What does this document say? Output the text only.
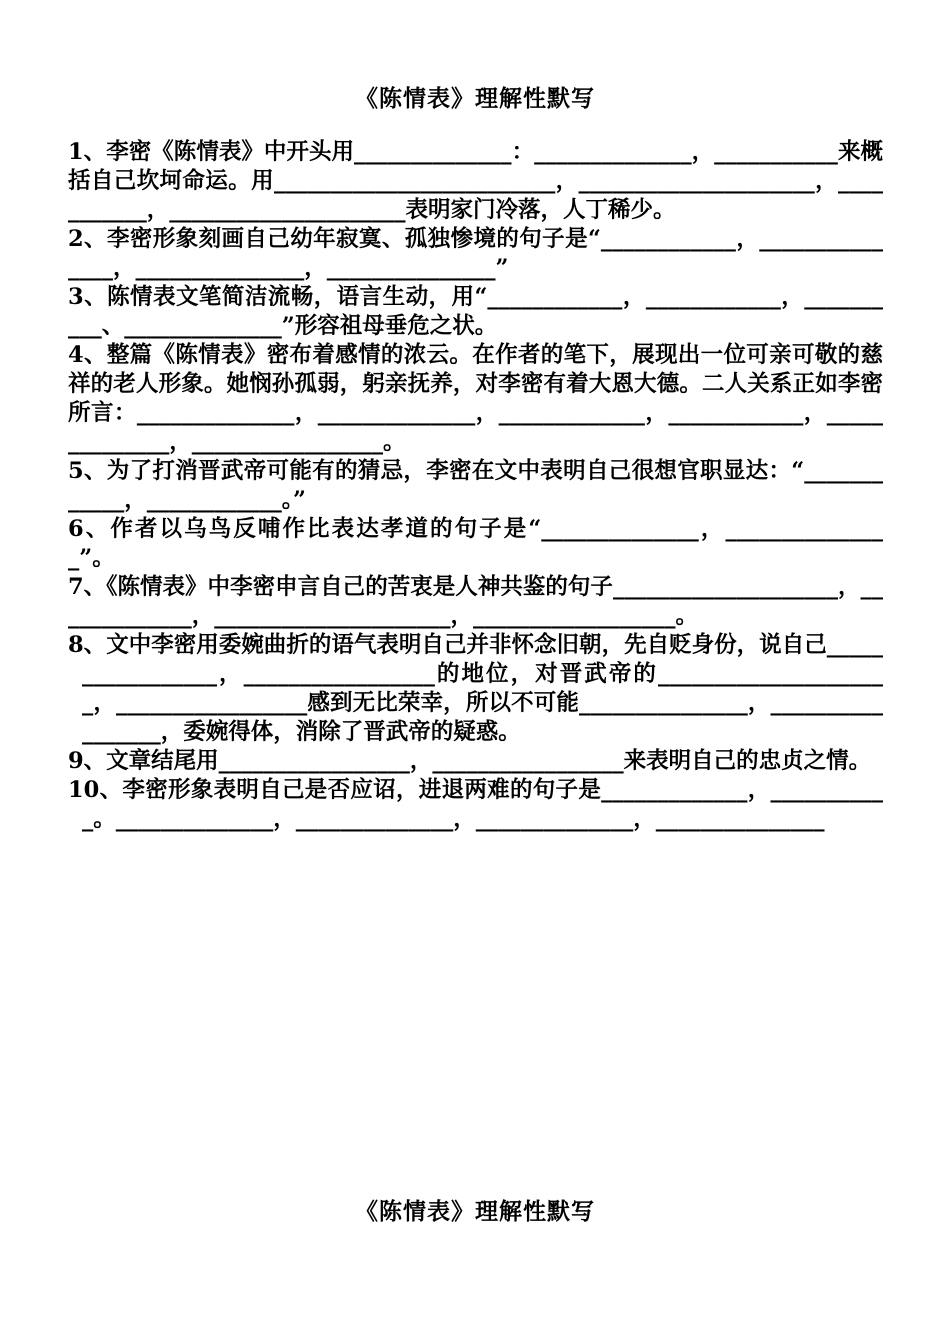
《陈情表》理解性默写

1、李密《陈情表》中开头用______________：______________，___________来概括自己坎坷命运。用_________________________，_____________________，___________，_____________________表明家门冷落，人丁稀少。

2、李密形象刻画自己幼年寂寞、孤独惨境的句子是“____________，_______________，_______________，_______________”

3、陈情表文笔简洁流畅，语言生动，用“____________，____________，__________、______________”形容祖母垂危之状。

4、整篇《陈情表》密布着感情的浓云。在作者的笔下，展现出一位可亲可敬的慈祥的老人形象。她悯孙孤弱，躬亲抚养，对李密有着大恩大德。二人关系正如李密所言：______________，______________，_____________，____________，______________，_________________。

5、为了打消晋武帝可能有的猜忌，李密在文中表明自己很想官职显达：“____________，____________。”

6、作者以乌鸟反哺作比表达孝道的句子是“______________，_______________”。

7、《陈情表》中李密申言自己的苦衷是人神共鉴的句子____________________，_____________，_____________________，__________________。

8、文中李密用委婉曲折的语气表明自己并非怀念旧朝，先自贬身份，说自己_________________，_________________的地位，对晋武帝的_____________________，_________________感到无比荣幸，所以不可能_______________，_________________，委婉得体，消除了晋武帝的疑惑。

9、文章结尾用_________________，_________________来表明自己的忠贞之情。

10、李密形象表明自己是否应诏，进退两难的句子是_____________，___________。______________，______________，______________，_______________

《陈情表》理解性默写
